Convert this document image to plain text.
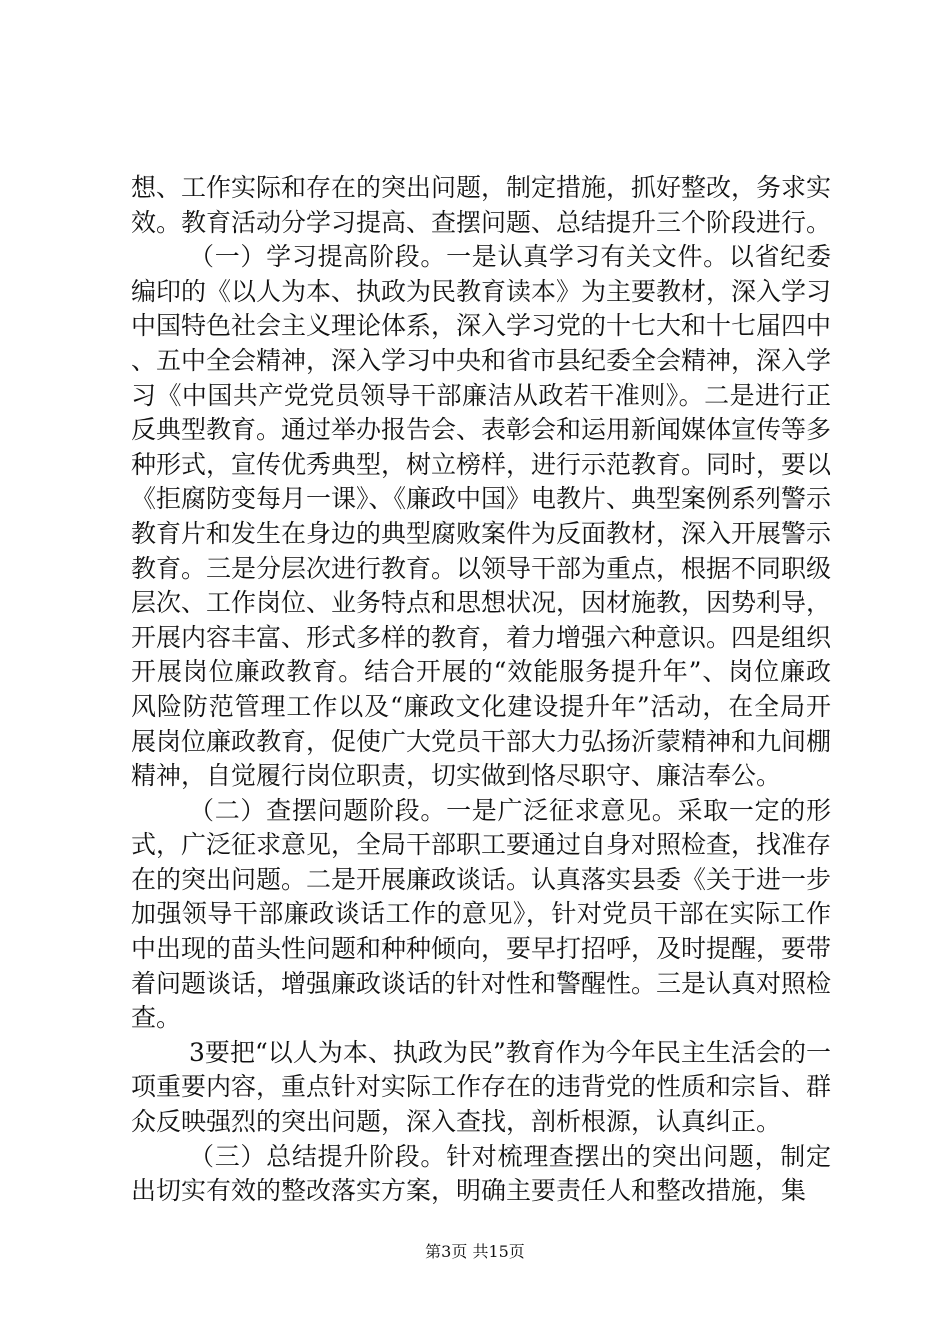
想、工作实际和存在的突出问题，制定措施，抓好整改，务求实效。教育活动分学习提高、查摆问题、总结提升三个阶段进行。

（一）学习提高阶段。一是认真学习有关文件。以省纪委编印的《以人为本、执政为民教育读本》为主要教材，深入学习中国特色社会主义理论体系，深入学习党的十七大和十七届四中、五中全会精神，深入学习中央和省市县纪委全会精神，深入学习《中国共产党党员领导干部廉洁从政若干准则》。二是进行正反典型教育。通过举办报告会、表彰会和运用新闻媒体宣传等多种形式，宣传优秀典型，树立榜样，进行示范教育。同时，要以《拒腐防变每月一课》、《廉政中国》电教片、典型案例系列警示教育片和发生在身边的典型腐败案件为反面教材，深入开展警示教育。三是分层次进行教育。以领导干部为重点，根据不同职级层次、工作岗位、业务特点和思想状况，因材施教，因势利导，开展内容丰富、形式多样的教育，着力增强六种意识。四是组织开展岗位廉政教育。结合开展的“效能服务提升年”、岗位廉政风险防范管理工作以及“廉政文化建设提升年”活动，在全局开展岗位廉政教育，促使广大党员干部大力弘扬沂蒙精神和九间棚精神，自觉履行岗位职责，切实做到恪尽职守、廉洁奉公。

（二）查摆问题阶段。一是广泛征求意见。采取一定的形式，广泛征求意见，全局干部职工要通过自身对照检查，找准存在的突出问题。二是开展廉政谈话。认真落实县委《关于进一步加强领导干部廉政谈话工作的意见》，针对党员干部在实际工作中出现的苗头性问题和种种倾向，要早打招呼，及时提醒，要带着问题谈话，增强廉政谈话的针对性和警醒性。三是认真对照检查。

3要把“以人为本、执政为民”教育作为今年民主生活会的一项重要内容，重点针对实际工作存在的违背党的性质和宗旨、群众反映强烈的突出问题，深入查找，剖析根源，认真纠正。

（三）总结提升阶段。针对梳理查摆出的突出问题，制定出切实有效的整改落实方案，明确主要责任人和整改措施，集

第3页 共15页
